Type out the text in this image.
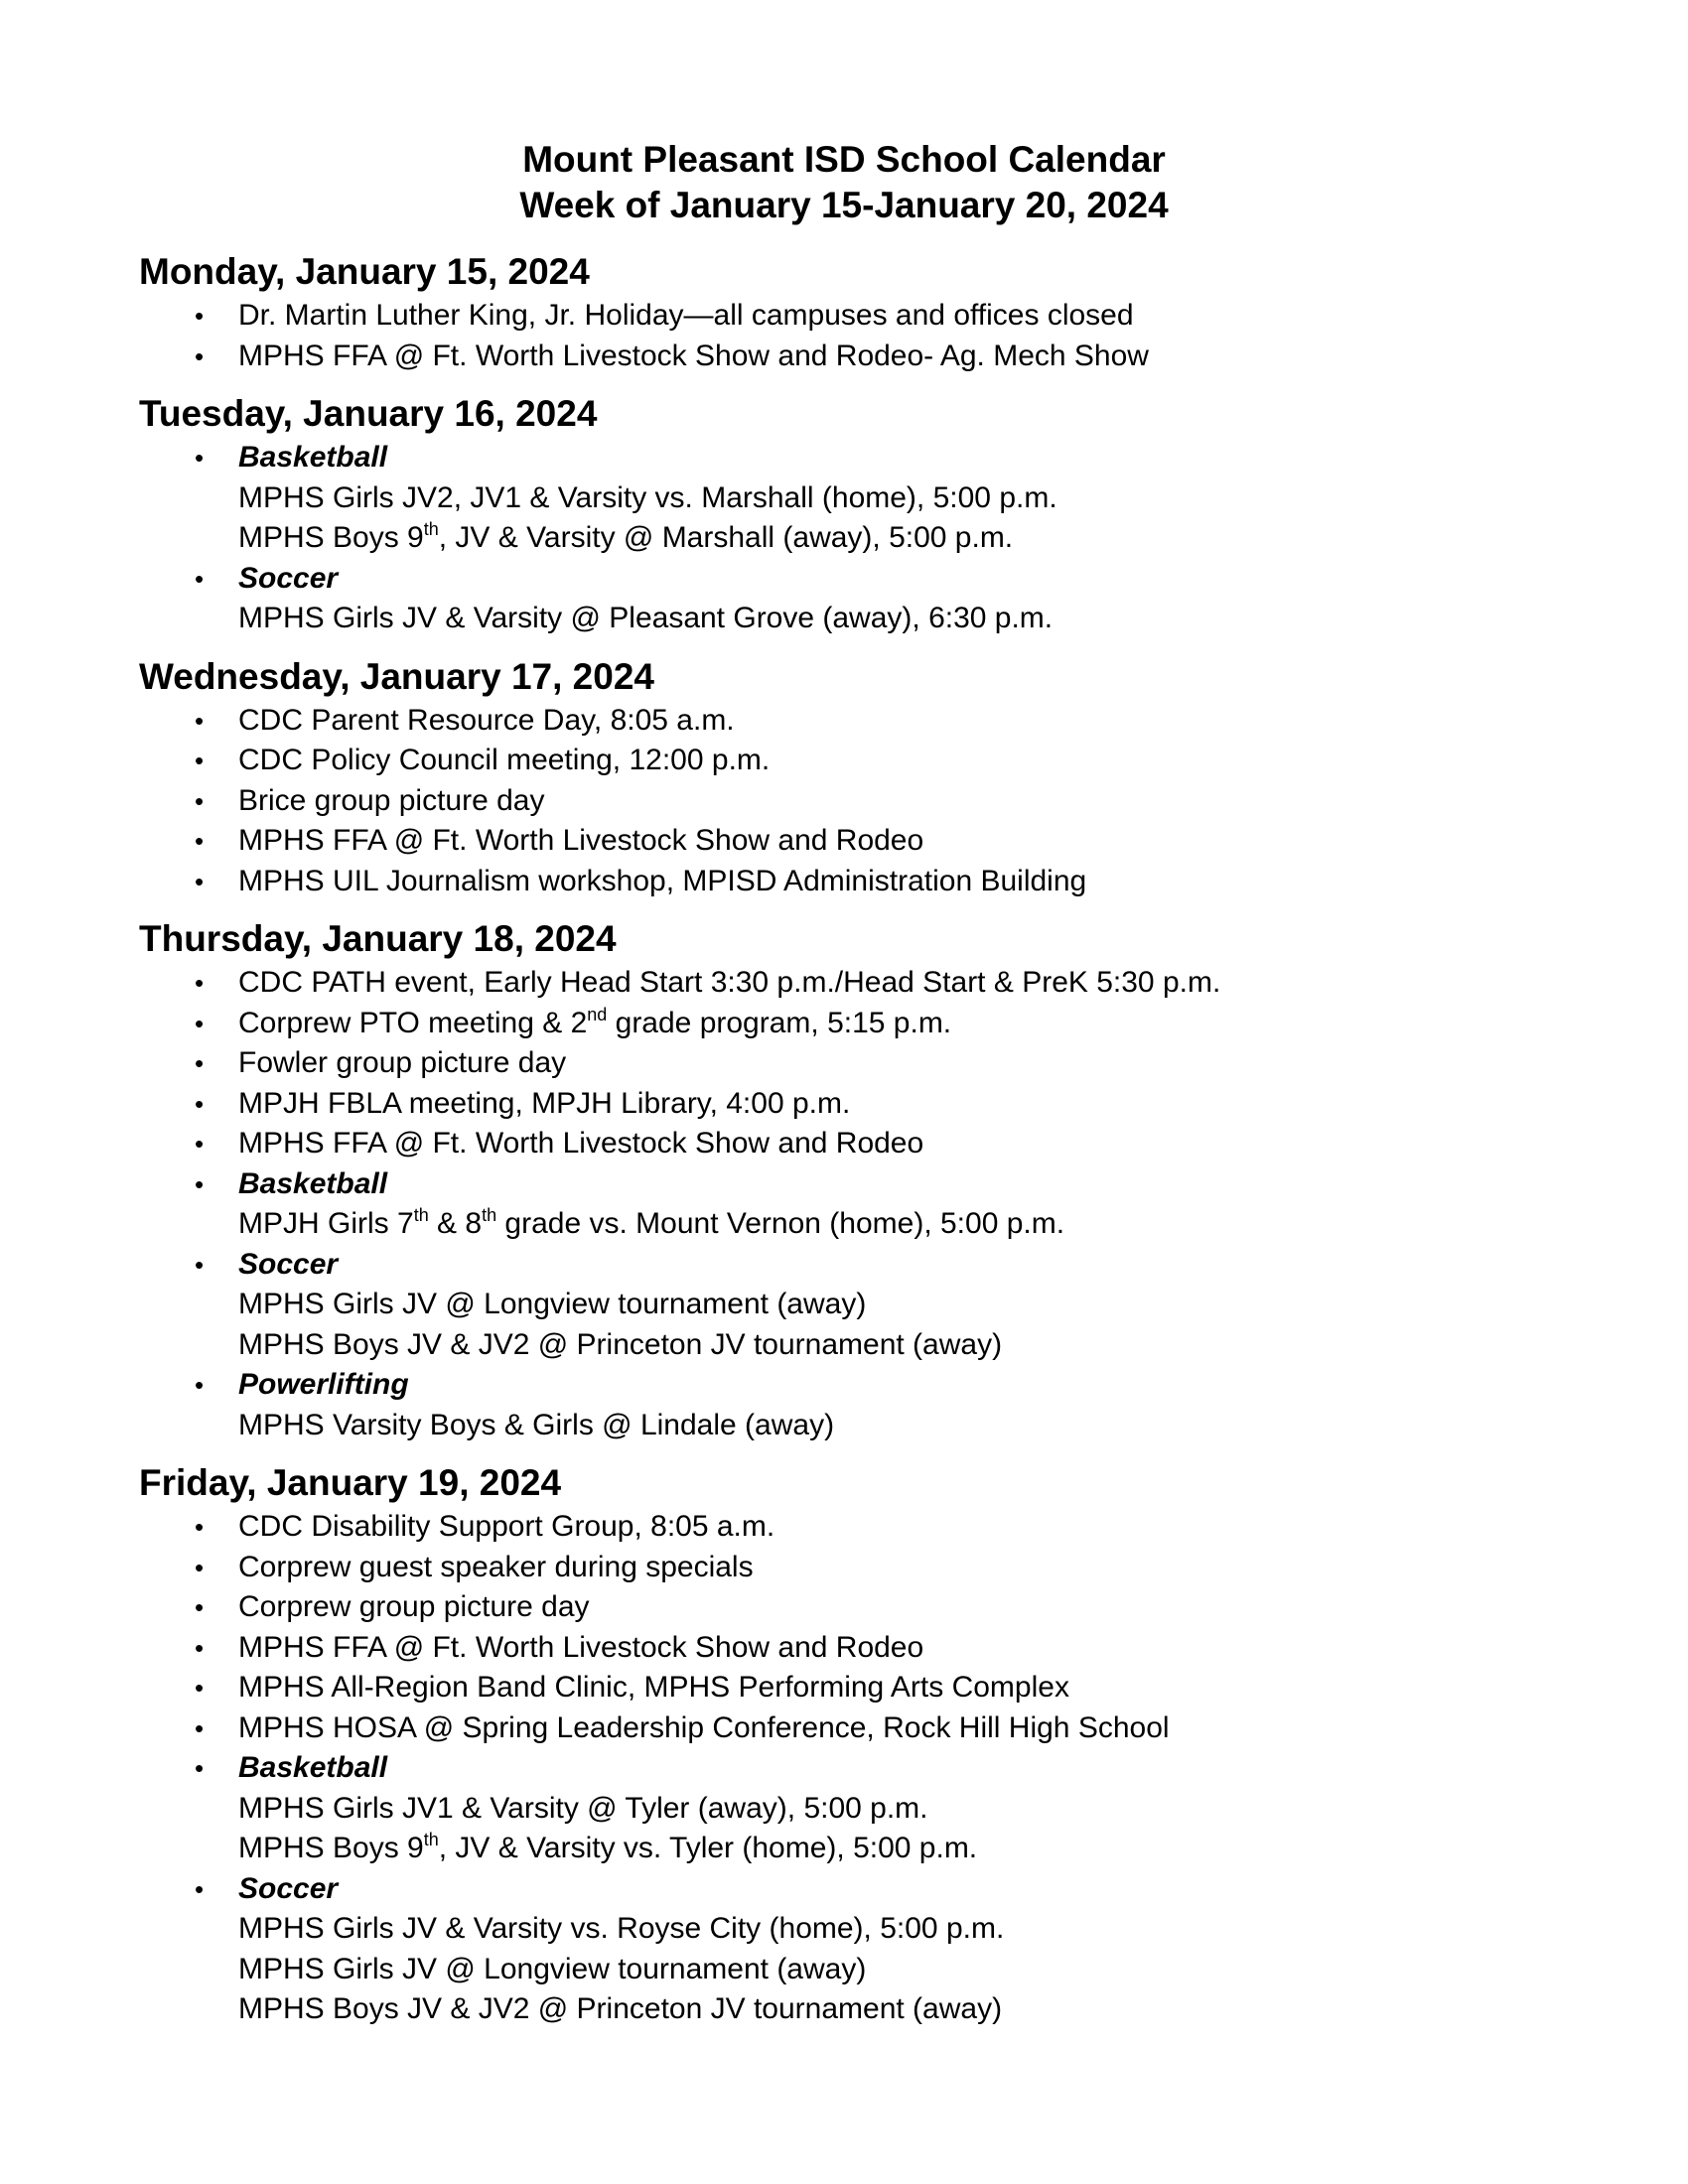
Mount Pleasant ISD School Calendar

Week of January 15-January 20, 2024

Monday, January 15, 2024

• Dr. Martin Luther King, Jr. Holiday—all campuses and offices closed
• MPHS FFA @ Ft. Worth Livestock Show and Rodeo- Ag. Mech Show

Tuesday, January 16, 2024

• Basketball
MPHS Girls JV2, JV1 & Varsity vs. Marshall (home), 5:00 p.m.
MPHS Boys 9th, JV & Varsity @ Marshall (away), 5:00 p.m.
• Soccer
MPHS Girls JV & Varsity @ Pleasant Grove (away), 6:30 p.m.

Wednesday, January 17, 2024

• CDC Parent Resource Day, 8:05 a.m.
• CDC Policy Council meeting, 12:00 p.m.
• Brice group picture day
• MPHS FFA @ Ft. Worth Livestock Show and Rodeo
• MPHS UIL Journalism workshop, MPISD Administration Building

Thursday, January 18, 2024

• CDC PATH event, Early Head Start 3:30 p.m./Head Start & PreK 5:30 p.m.
• Corprew PTO meeting & 2nd grade program, 5:15 p.m.
• Fowler group picture day
• MPJH FBLA meeting, MPJH Library, 4:00 p.m.
• MPHS FFA @ Ft. Worth Livestock Show and Rodeo
• Basketball
MPJH Girls 7th & 8th grade vs. Mount Vernon (home), 5:00 p.m.
• Soccer
MPHS Girls JV @ Longview tournament (away)
MPHS Boys JV & JV2 @ Princeton JV tournament (away)
• Powerlifting
MPHS Varsity Boys & Girls @ Lindale (away)

Friday, January 19, 2024

• CDC Disability Support Group, 8:05 a.m.
• Corprew guest speaker during specials
• Corprew group picture day
• MPHS FFA @ Ft. Worth Livestock Show and Rodeo
• MPHS All-Region Band Clinic, MPHS Performing Arts Complex
• MPHS HOSA @ Spring Leadership Conference, Rock Hill High School
• Basketball
MPHS Girls JV1 & Varsity @ Tyler (away), 5:00 p.m.
MPHS Boys 9th, JV & Varsity vs. Tyler (home), 5:00 p.m.
• Soccer
MPHS Girls JV & Varsity vs. Royse City (home), 5:00 p.m.
MPHS Girls JV @ Longview tournament (away)
MPHS Boys JV & JV2 @ Princeton JV tournament (away)
